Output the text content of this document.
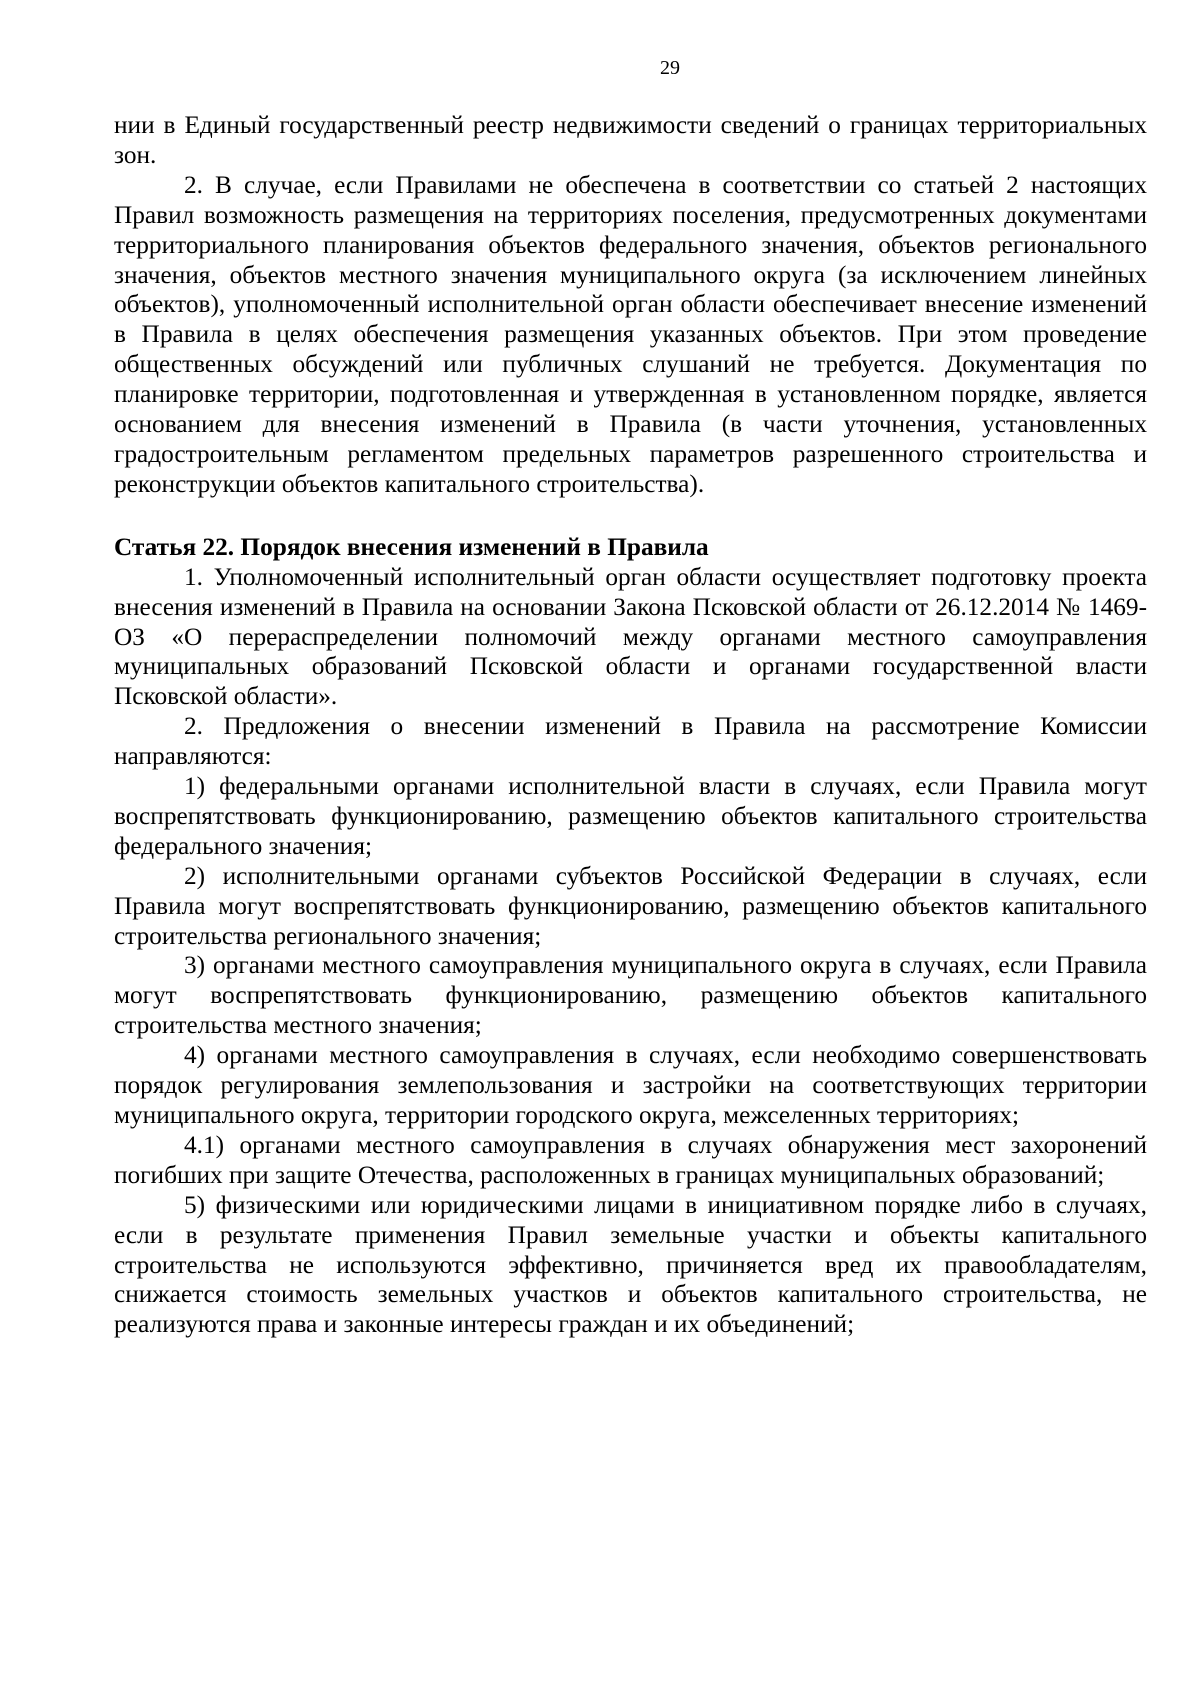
29

нии в Единый государственный реестр недвижимости сведений о границах территориальных зон.

2. В случае, если Правилами не обеспечена в соответствии со статьей 2 настоящих Правил возможность размещения на территориях поселения, предусмотренных документами территориального планирования объектов федерального значения, объектов регионального значения, объектов местного значения муниципального округа (за исключением линейных объектов), уполномоченный исполнительной орган области обеспечивает внесение изменений в Правила в целях обеспечения размещения указанных объектов. При этом проведение общественных обсуждений или публичных слушаний не требуется. Документация по планировке территории, подготовленная и утвержденная в установленном порядке, является основанием для внесения изменений в Правила (в части уточнения, установленных градостроительным регламентом предельных параметров разрешенного строительства и реконструкции объектов капитального строительства).

Статья 22. Порядок внесения изменений в Правила

1. Уполномоченный исполнительный орган области осуществляет подготовку проекта внесения изменений в Правила на основании Закона Псковской области от 26.12.2014 № 1469-ОЗ «О перераспределении полномочий между органами местного самоуправления муниципальных образований Псковской области и органами государственной власти Псковской области».

2. Предложения о внесении изменений в Правила на рассмотрение Комиссии направляются:

1) федеральными органами исполнительной власти в случаях, если Правила могут воспрепятствовать функционированию, размещению объектов капитального строительства федерального значения;

2) исполнительными органами субъектов Российской Федерации в случаях, если Правила могут воспрепятствовать функционированию, размещению объектов капитального строительства регионального значения;

3) органами местного самоуправления муниципального округа в случаях, если Правила могут воспрепятствовать функционированию, размещению объектов капитального строительства местного значения;

4) органами местного самоуправления в случаях, если необходимо совершенствовать порядок регулирования землепользования и застройки на соответствующих территории муниципального округа, территории городского округа, межселенных территориях;

4.1) органами местного самоуправления в случаях обнаружения мест захоронений погибших при защите Отечества, расположенных в границах муниципальных образований;

5) физическими или юридическими лицами в инициативном порядке либо в случаях, если в результате применения Правил земельные участки и объекты капитального строительства не используются эффективно, причиняется вред их правообладателям, снижается стоимость земельных участков и объектов капитального строительства, не реализуются права и законные интересы граждан и их объединений;
